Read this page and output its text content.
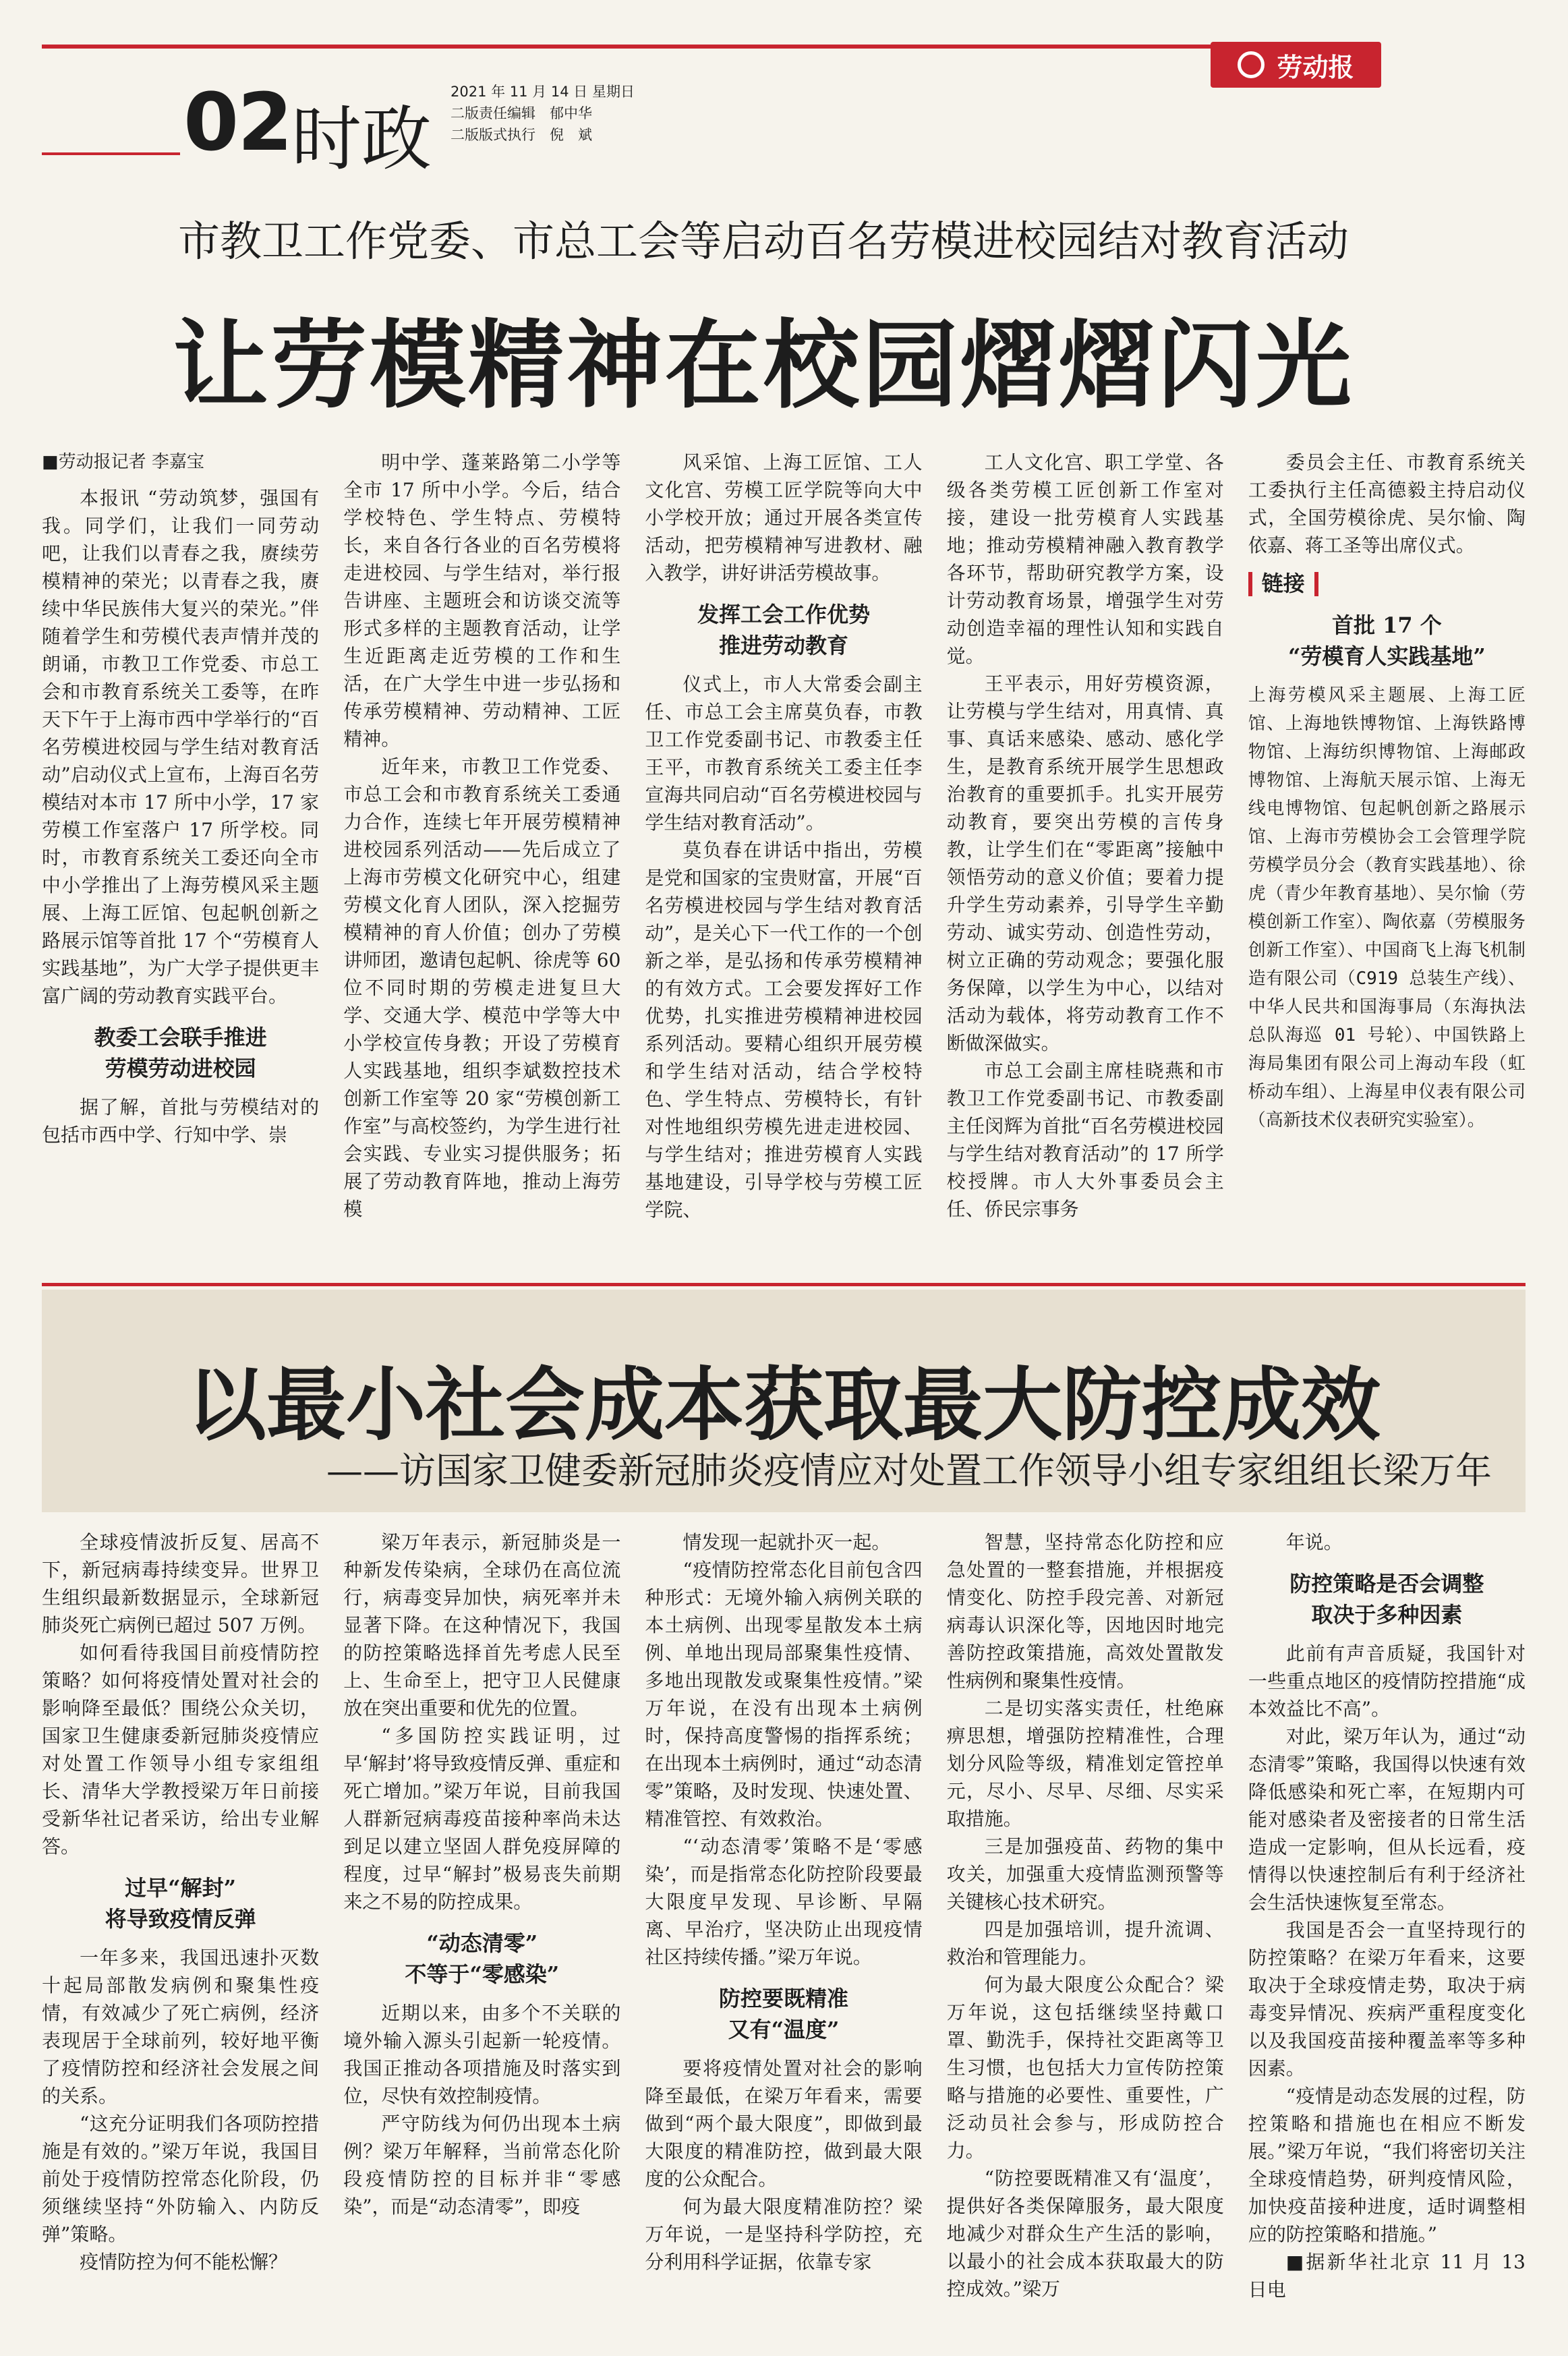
劳动报
02 时政
2021 年 11 月 14 日 星期日
二版责任编辑　郁中华
二版版式执行　倪　斌
市教卫工作党委、市总工会等启动百名劳模进校园结对教育活动
让劳模精神在校园熠熠闪光
■劳动报记者 李嘉宝

本报讯 “劳动筑梦，强国有我。同学们，让我们一同劳动吧，让我们以青春之我，赓续劳模精神的荣光；以青春之我，赓续中华民族伟大复兴的荣光。”伴随着学生和劳模代表声情并茂的朗诵，市教卫工作党委、市总工会和市教育系统关工委等，在昨天下午于上海市西中学举行的“百名劳模进校园与学生结对教育活动”启动仪式上宣布，上海百名劳模结对本市 17 所中小学，17 家劳模工作室落户 17 所学校。同时，市教育系统关工委还向全市中小学推出了上海劳模风采主题展、上海工匠馆、包起帆创新之路展示馆等首批 17 个“劳模育人实践基地”，为广大学子提供更丰富广阔的劳动教育实践平台。

教委工会联手推进
劳模劳动进校园

据了解，首批与劳模结对的包括市西中学、行知中学、崇

明中学、蓬莱路第二小学等全市 17 所中小学。今后，结合学校特色、学生特点、劳模特长，来自各行各业的百名劳模将走进校园、与学生结对，举行报告讲座、主题班会和访谈交流等形式多样的主题教育活动，让学生近距离走近劳模的工作和生活，在广大学生中进一步弘扬和传承劳模精神、劳动精神、工匠精神。

近年来，市教卫工作党委、市总工会和市教育系统关工委通力合作，连续七年开展劳模精神进校园系列活动——先后成立了上海市劳模文化研究中心，组建劳模文化育人团队，深入挖掘劳模精神的育人价值；创办了劳模讲师团，邀请包起帆、徐虎等 60 位不同时期的劳模走进复旦大学、交通大学、模范中学等大中小学校宣传身教；开设了劳模育人实践基地，组织李斌数控技术创新工作室等 20 家“劳模创新工作室”与高校签约，为学生进行社会实践、专业实习提供服务；拓展了劳动教育阵地，推动上海劳模

风采馆、上海工匠馆、工人文化宫、劳模工匠学院等向大中小学校开放；通过开展各类宣传活动，把劳模精神写进教材、融入教学，讲好讲活劳模故事。

发挥工会工作优势
推进劳动教育

仪式上，市人大常委会副主任、市总工会主席莫负春，市教卫工作党委副书记、市教委主任王平，市教育系统关工委主任李宣海共同启动“百名劳模进校园与学生结对教育活动”。

莫负春在讲话中指出，劳模是党和国家的宝贵财富，开展“百名劳模进校园与学生结对教育活动”，是关心下一代工作的一个创新之举，是弘扬和传承劳模精神的有效方式。工会要发挥好工作优势，扎实推进劳模精神进校园系列活动。要精心组织开展劳模和学生结对活动，结合学校特色、学生特点、劳模特长，有针对性地组织劳模先进走进校园、与学生结对；推进劳模育人实践基地建设，引导学校与劳模工匠学院、

工人文化宫、职工学堂、各级各类劳模工匠创新工作室对接，建设一批劳模育人实践基地；推动劳模精神融入教育教学各环节，帮助研究教学方案，设计劳动教育场景，增强学生对劳动创造幸福的理性认知和实践自觉。

王平表示，用好劳模资源，让劳模与学生结对，用真情、真事、真话来感染、感动、感化学生，是教育系统开展学生思想政治教育的重要抓手。扎实开展劳动教育，要突出劳模的言传身教，让学生们在“零距离”接触中领悟劳动的意义价值；要着力提升学生劳动素养，引导学生辛勤劳动、诚实劳动、创造性劳动，树立正确的劳动观念；要强化服务保障，以学生为中心，以结对活动为载体，将劳动教育工作不断做深做实。

市总工会副主席桂晓燕和市教卫工作党委副书记、市教委副主任闵辉为首批“百名劳模进校园与学生结对教育活动”的 17 所学校授牌。市人大外事委员会主任、侨民宗事务

委员会主任、市教育系统关工委执行主任高德毅主持启动仪式，全国劳模徐虎、吴尔愉、陶依嘉、蒋工圣等出席仪式。

链接
首批 17 个
“劳模育人实践基地”
上海劳模风采主题展、上海工匠馆、上海地铁博物馆、上海铁路博物馆、上海纺织博物馆、上海邮政博物馆、上海航天展示馆、上海无线电博物馆、包起帆创新之路展示馆、上海市劳模协会工会管理学院劳模学员分会（教育实践基地）、徐虎（青少年教育基地）、吴尔愉（劳模创新工作室）、陶依嘉（劳模服务创新工作室）、中国商飞上海飞机制造有限公司（C919 总装生产线）、中华人民共和国海事局（东海执法总队海巡 01 号轮）、中国铁路上海局集团有限公司上海动车段（虹桥动车组）、上海星申仪表有限公司（高新技术仪表研究实验室）。
以最小社会成本获取最大防控成效
——访国家卫健委新冠肺炎疫情应对处置工作领导小组专家组组长梁万年

全球疫情波折反复、居高不下，新冠病毒持续变异。世界卫生组织最新数据显示，全球新冠肺炎死亡病例已超过 507 万例。

如何看待我国目前疫情防控策略？如何将疫情处置对社会的影响降至最低？围绕公众关切，国家卫生健康委新冠肺炎疫情应对处置工作领导小组专家组组长、清华大学教授梁万年日前接受新华社记者采访，给出专业解答。

过早“解封”
将导致疫情反弹

一年多来，我国迅速扑灭数十起局部散发病例和聚集性疫情，有效减少了死亡病例，经济表现居于全球前列，较好地平衡了疫情防控和经济社会发展之间的关系。

“这充分证明我们各项防控措施是有效的。”梁万年说，我国目前处于疫情防控常态化阶段，仍须继续坚持“外防输入、内防反弹”策略。

疫情防控为何不能松懈？

梁万年表示，新冠肺炎是一种新发传染病，全球仍在高位流行，病毒变异加快，病死率并未显著下降。在这种情况下，我国的防控策略选择首先考虑人民至上、生命至上，把守卫人民健康放在突出重要和优先的位置。

“多国防控实践证明，过早‘解封’将导致疫情反弹、重症和死亡增加。”梁万年说，目前我国人群新冠病毒疫苗接种率尚未达到足以建立坚固人群免疫屏障的程度，过早“解封”极易丧失前期来之不易的防控成果。

“动态清零”
不等于“零感染”

近期以来，由多个不关联的境外输入源头引起新一轮疫情。我国正推动各项措施及时落实到位，尽快有效控制疫情。

严守防线为何仍出现本土病例？梁万年解释，当前常态化阶段疫情防控的目标并非“零感染”，而是“动态清零”，即疫

情发现一起就扑灭一起。

“疫情防控常态化目前包含四种形式：无境外输入病例关联的本土病例、出现零星散发本土病例、单地出现局部聚集性疫情、多地出现散发或聚集性疫情。”梁万年说，在没有出现本土病例时，保持高度警惕的指挥系统；在出现本土病例时，通过“动态清零”策略，及时发现、快速处置、精准管控、有效救治。

“‘动态清零’策略不是‘零感染’，而是指常态化防控阶段要最大限度早发现、早诊断、早隔离、早治疗，坚决防止出现疫情社区持续传播。”梁万年说。

防控要既精准
又有“温度”

要将疫情处置对社会的影响降至最低，在梁万年看来，需要做到“两个最大限度”，即做到最大限度的精准防控，做到最大限度的公众配合。

何为最大限度精准防控？梁万年说，一是坚持科学防控，充分利用科学证据，依靠专家

智慧，坚持常态化防控和应急处置的一整套措施，并根据疫情变化、防控手段完善、对新冠病毒认识深化等，因地因时地完善防控政策措施，高效处置散发性病例和聚集性疫情。

二是切实落实责任，杜绝麻痹思想，增强防控精准性，合理划分风险等级，精准划定管控单元，尽小、尽早、尽细、尽实采取措施。

三是加强疫苗、药物的集中攻关，加强重大疫情监测预警等关键核心技术研究。

四是加强培训，提升流调、救治和管理能力。

何为最大限度公众配合？梁万年说，这包括继续坚持戴口罩、勤洗手，保持社交距离等卫生习惯，也包括大力宣传防控策略与措施的必要性、重要性，广泛动员社会参与，形成防控合力。

“防控要既精准又有‘温度’，提供好各类保障服务，最大限度地减少对群众生产生活的影响，以最小的社会成本获取最大的防控成效。”梁万

年说。

防控策略是否会调整
取决于多种因素

此前有声音质疑，我国针对一些重点地区的疫情防控措施“成本效益比不高”。

对此，梁万年认为，通过“动态清零”策略，我国得以快速有效降低感染和死亡率，在短期内可能对感染者及密接者的日常生活造成一定影响，但从长远看，疫情得以快速控制后有利于经济社会生活快速恢复至常态。

我国是否会一直坚持现行的防控策略？在梁万年看来，这要取决于全球疫情走势，取决于病毒变异情况、疾病严重程度变化以及我国疫苗接种覆盖率等多种因素。

“疫情是动态发展的过程，防控策略和措施也在相应不断发展。”梁万年说，“我们将密切关注全球疫情趋势，研判疫情风险，加快疫苗接种进度，适时调整相应的防控策略和措施。”

■据新华社北京 11 月 13 日电
